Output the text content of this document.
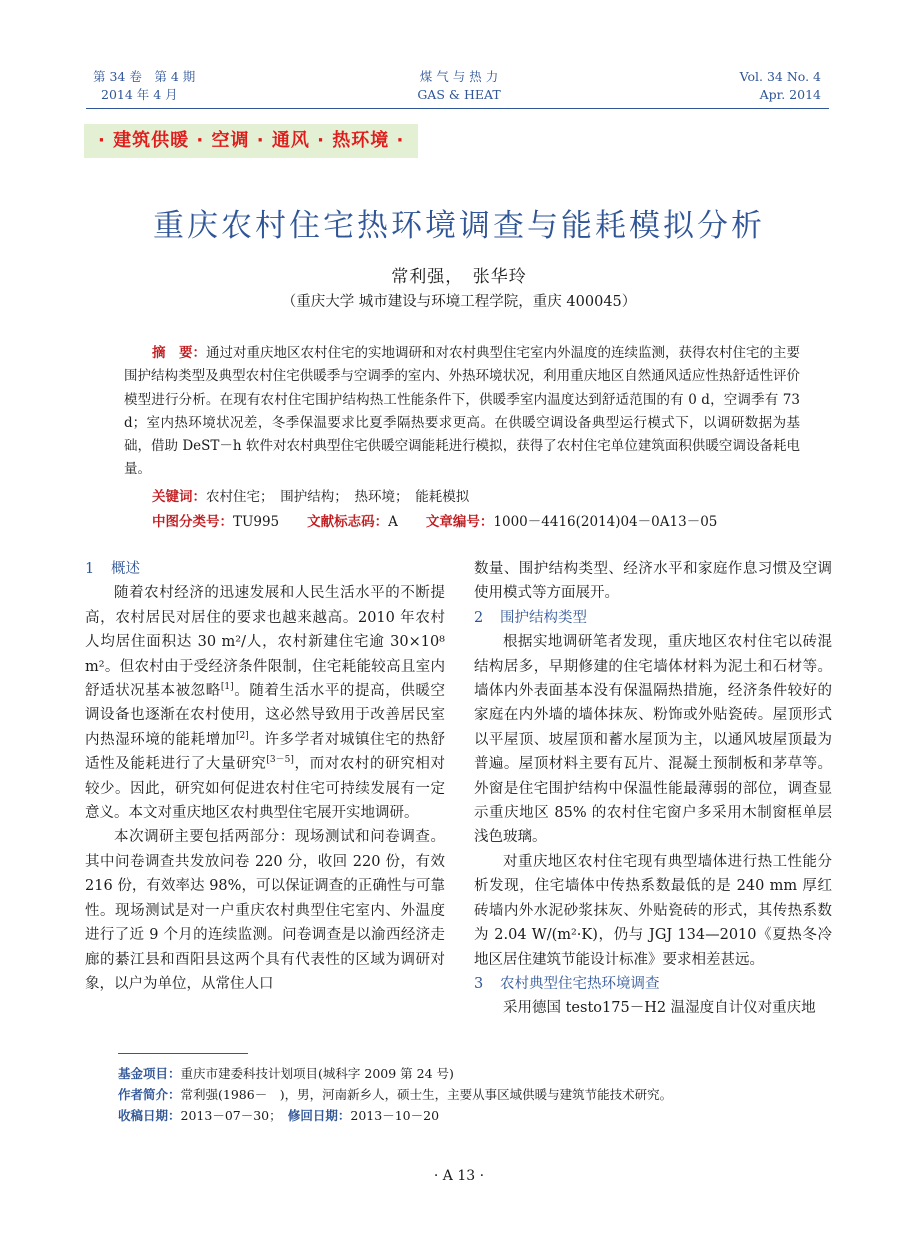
第 34 卷　第 4 期
2014 年 4 月
煤 气 与 热 力
GAS & HEAT
Vol. 34 No. 4
Apr. 2014
· 建筑供暖 · 空调 · 通风 · 热环境 ·
重庆农村住宅热环境调查与能耗模拟分析
常利强，　张华玲
（重庆大学 城市建设与环境工程学院，重庆 400045）
摘　要：通过对重庆地区农村住宅的实地调研和对农村典型住宅室内外温度的连续监测，获得农村住宅的主要围护结构类型及典型农村住宅供暖季与空调季的室内、外热环境状况，利用重庆地区自然通风适应性热舒适性评价模型进行分析。在现有农村住宅围护结构热工性能条件下，供暖季室内温度达到舒适范围的有 0 d，空调季有 73 d；室内热环境状况差，冬季保温要求比夏季隔热要求更高。在供暖空调设备典型运行模式下，以调研数据为基础，借助 DeST－h 软件对农村典型住宅供暖空调能耗进行模拟，获得了农村住宅单位建筑面积供暖空调设备耗电量。
关键词：农村住宅；　围护结构；　热环境；　能耗模拟
中图分类号：TU995 文献标志码：A 文章编号：1000－4416(2014)04－0A13－05
1 概述

随着农村经济的迅速发展和人民生活水平的不断提高，农村居民对居住的要求也越来越高。2010 年农村人均居住面积达 30 m²/人，农村新建住宅逾 30×10⁸ m²。但农村由于受经济条件限制，住宅耗能较高且室内舒适状况基本被忽略[1]。随着生活水平的提高，供暖空调设备也逐渐在农村使用，这必然导致用于改善居民室内热湿环境的能耗增加[2]。许多学者对城镇住宅的热舒适性及能耗进行了大量研究[3－5]，而对农村的研究相对较少。因此，研究如何促进农村住宅可持续发展有一定意义。本文对重庆地区农村典型住宅展开实地调研。

本次调研主要包括两部分：现场测试和问卷调查。其中问卷调查共发放问卷 220 分，收回 220 份，有效 216 份，有效率达 98%，可以保证调查的正确性与可靠性。现场测试是对一户重庆农村典型住宅室内、外温度进行了近 9 个月的连续监测。问卷调查是以渝西经济走廊的綦江县和酉阳县这两个具有代表性的区域为调研对象，以户为单位，从常住人口

数量、围护结构类型、经济水平和家庭作息习惯及空调使用模式等方面展开。

2 围护结构类型

根据实地调研笔者发现，重庆地区农村住宅以砖混结构居多，早期修建的住宅墙体材料为泥土和石材等。墙体内外表面基本没有保温隔热措施，经济条件较好的家庭在内外墙的墙体抹灰、粉饰或外贴瓷砖。屋顶形式以平屋顶、坡屋顶和蓄水屋顶为主，以通风坡屋顶最为普遍。屋顶材料主要有瓦片、混凝土预制板和茅草等。外窗是住宅围护结构中保温性能最薄弱的部位，调查显示重庆地区 85% 的农村住宅窗户多采用木制窗框单层浅色玻璃。

对重庆地区农村住宅现有典型墙体进行热工性能分析发现，住宅墙体中传热系数最低的是 240 mm 厚红砖墙内外水泥砂浆抹灰、外贴瓷砖的形式，其传热系数为 2.04 W/(m²·K)，仍与 JGJ 134—2010《夏热冬冷地区居住建筑节能设计标准》要求相差甚远。

3 农村典型住宅热环境调查

采用德国 testo175－H2 温湿度自计仪对重庆地

基金项目：重庆市建委科技计划项目(城科字 2009 第 24 号)
作者简介：常利强(1986－　)，男，河南新乡人，硕士生，主要从事区域供暖与建筑节能技术研究。
收稿日期：2013－07－30；　修回日期：2013－10－20
· A 13 ·
